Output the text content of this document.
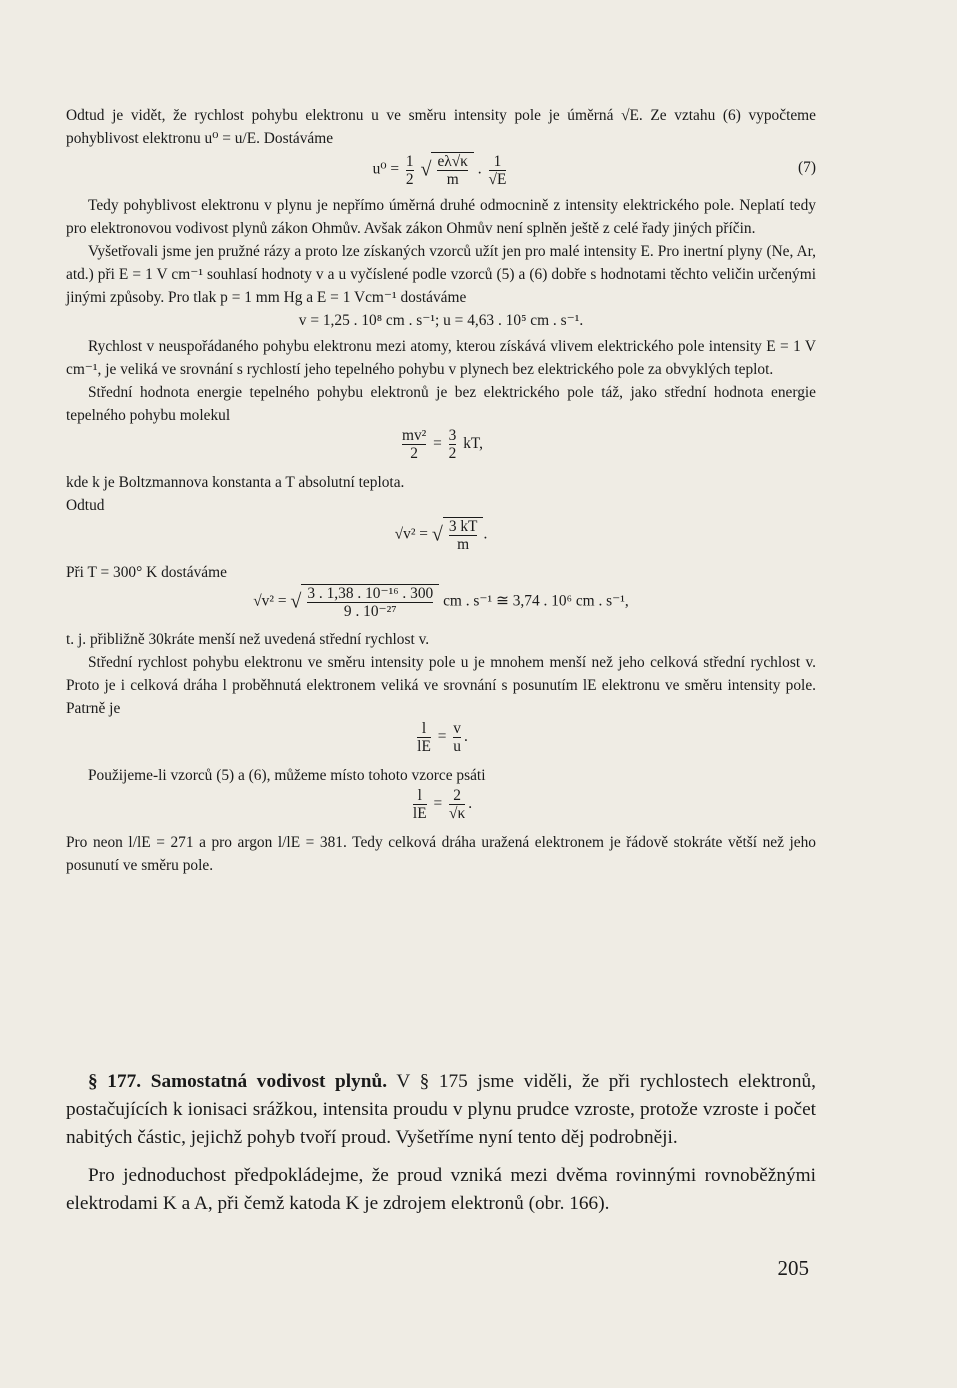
Odtud je vidět, že rychlost pohybu elektronu u ve směru intensity pole je úměrná √E. Ze vztahu (6) vypočteme pohyblivost elektronu u⁰ = u/E. Dostáváme

$u^0 = \frac{1}{2}$ √ $\frac{e\lambda√\kappa}{m}$ . $\frac{1}{√E}$	(7)

Tedy pohyblivost elektronu v plynu je nepřímo úměrná druhé odmocnině z intensity elektrického pole. Neplatí tedy pro elektronovou vodivost plynů zákon Ohmův. Avšak zákon Ohmův není splněn ještě z celé řady jiných příčin.

Vyšetřovali jsme jen pružné rázy a proto lze získaných vzorců užít jen pro malé intensity E. Pro inertní plyny (Ne, Ar, atd.) při E = 1 V cm⁻¹ souhlasí hodnoty v a u vyčíslené podle vzorců (5) a (6) dobře s hodnotami těchto veličin určenými jinými způsoby. Pro tlak p = 1 mm Hg a E = 1 Vcm⁻¹ dostáváme

v = 1,25 . 10⁸ cm . s⁻¹; u = 4,63 . 10⁵ cm . s⁻¹.

Rychlost v neuspořádaného pohybu elektronu mezi atomy, kterou získává vlivem elektrického pole intensity E = 1 V cm⁻¹, je veliká ve srovnání s rychlostí jeho tepelného pohybu v plynech bez elektrického pole za obvyklých teplot.

Střední hodnota energie tepelného pohybu elektronů je bez elektrického pole táž, jako střední hodnota energie tepelného pohybu molekul

$\frac{\text{mv²}}{2} = \frac{3}{2}$ kT,

kde k je Boltzmannova konstanta a T absolutní teplota.

Odtud

√v² = √ $\frac{3 kT}{m}$ .

Při T = 300° K dostáváme

√v² = √ $\frac{\text{3 . 1,38 . 10⁻¹⁶ . 300}}{\text{9 . 10⁻²⁷}}$ cm . s⁻¹ ≅ 3,74 . 10⁶ cm . s⁻¹,

t. j. přibližně 30kráte menší než uvedená střední rychlost v.

Střední rychlost pohybu elektronu ve směru intensity pole u je mnohem menší než jeho celková střední rychlost v. Proto je i celková dráha l proběhnutá elektronem veliká ve srovnání s posunutím lE elektronu ve směru intensity pole. Patrně je

$\frac{l}{lE} = \frac{v}{u}$ .

Použijeme-li vzorců (5) a (6), můžeme místo tohoto vzorce psáti

$\frac{l}{lE} = \frac{2}{√\kappa}$ .

Pro neon l/lE = 271 a pro argon l/lE = 381. Tedy celková dráha uražená elektronem je řádově stokráte větší než jeho posunutí ve směru pole.

§ 177. Samostatná vodivost plynů. V § 175 jsme viděli, že při rychlostech elektronů, postačujících k ionisaci srážkou, intensita proudu v plynu prudce vzroste, protože vzroste i počet nabitých částic, jejichž pohyb tvoří proud. Vyšetříme nyní tento děj podrobněji.

Pro jednoduchost předpokládejme, že proud vzniká mezi dvěma rovinnými rovnoběžnými elektrodami K a A, při čemž katoda K je zdrojem elektronů (obr. 166).

205
